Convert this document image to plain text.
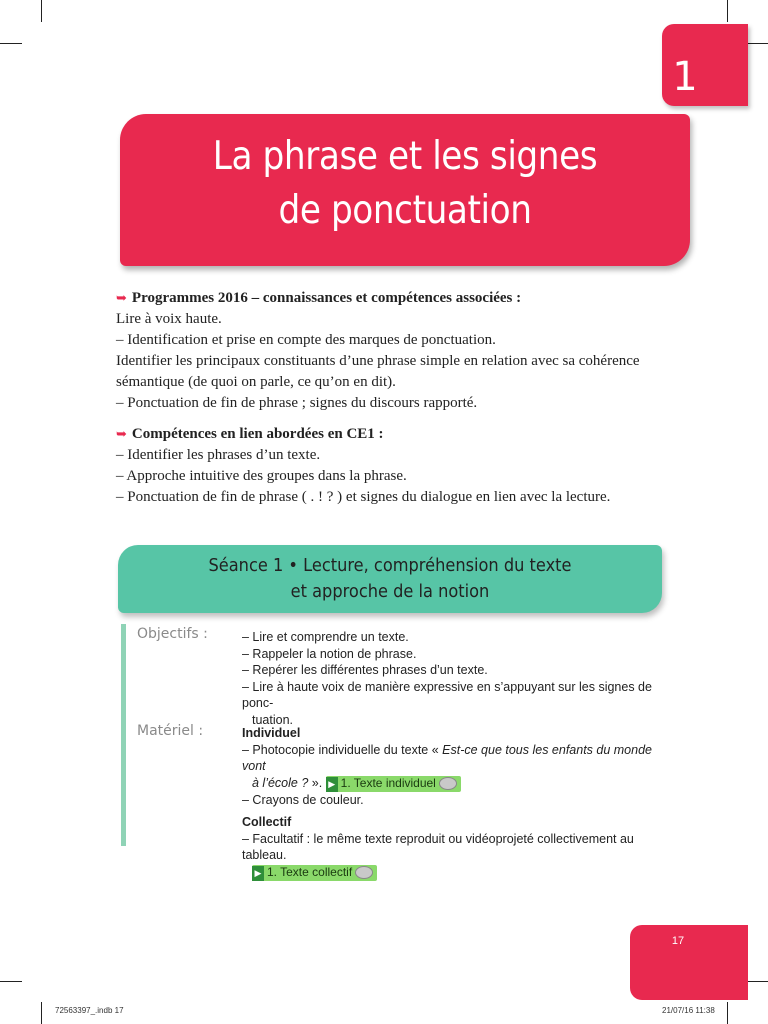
1
La phrase et les signes
de ponctuation

➥ Programmes 2016 – connaissances et compétences associées :

Lire à voix haute.

– Identification et prise en compte des marques de ponctuation.

Identifier les principaux constituants d’une phrase simple en relation avec sa cohérence

sémantique (de quoi on parle, ce qu’on en dit).

– Ponctuation de fin de phrase ; signes du discours rapporté.

➥ Compétences en lien abordées en CE1 :

– Identifier les phrases d’un texte.

– Approche intuitive des groupes dans la phrase.

– Ponctuation de fin de phrase ( . ! ? ) et signes du dialogue en lien avec la lecture.

Séance 1 • Lecture, compréhension du texte
et approche de la notion
Objectifs :	– Lire et comprendre un texte.

– Rappeler la notion de phrase.

– Repérer les différentes phrases d’un texte.

– Lire à haute voix de manière expressive en s’appuyant sur les signes de ponc-

tuation.

Matériel :	Individuel

– Photocopie individuelle du texte « Est-ce que tous les enfants du monde vont

à l’école ? ». ▶ 1. Texte individuel

– Crayons de couleur.

Collectif

– Facultatif : le même texte reproduit ou vidéoprojeté collectivement au tableau.

▶ 1. Texte collectif

17
72563397_.indb 17	21/07/16 11:38
